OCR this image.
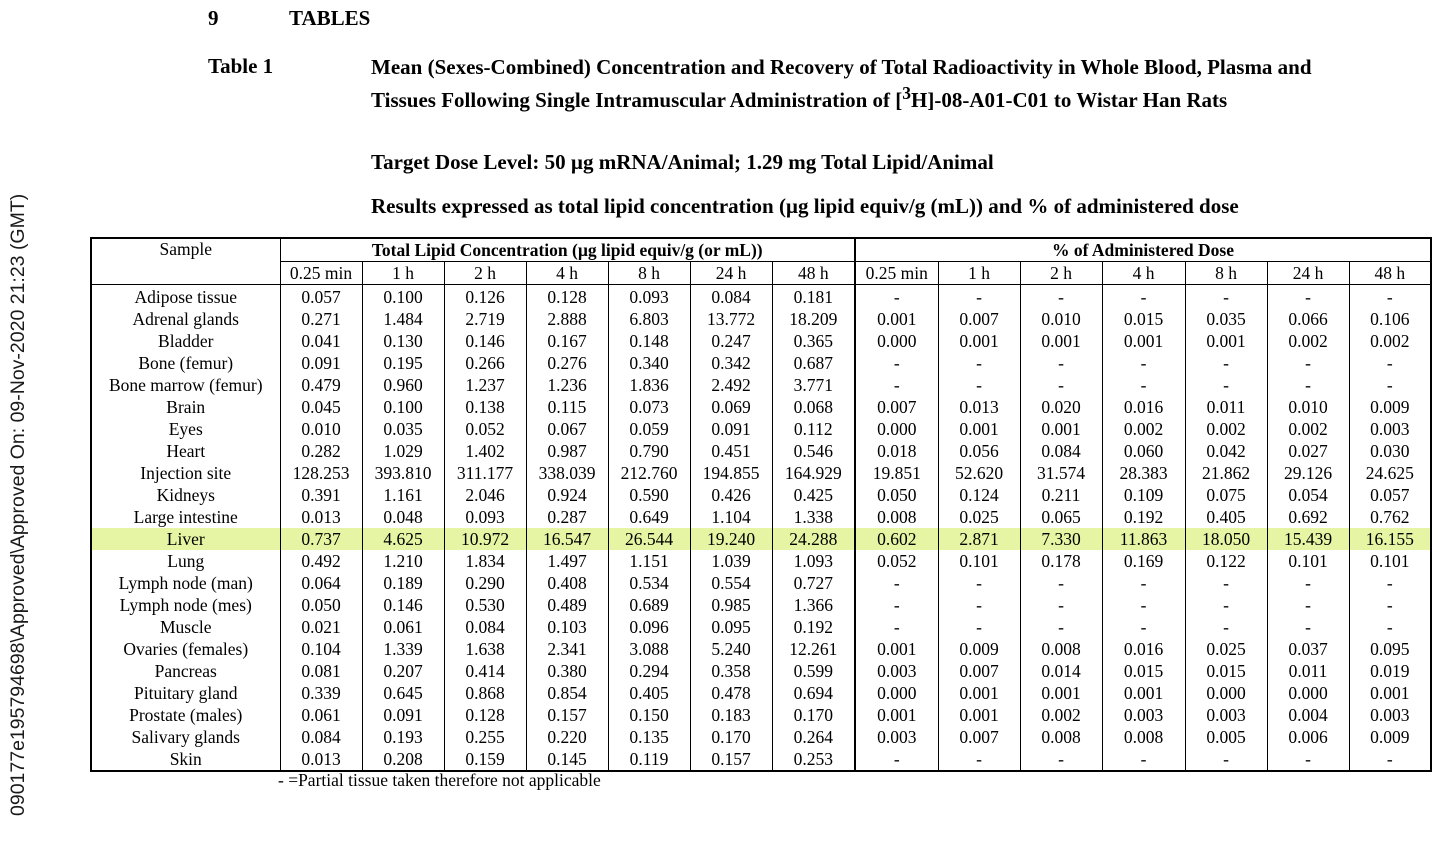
090177e195794698\Approved\Approved On: 09-Nov-2020 21:23 (GMT)
9	TABLES
Table 1	Mean (Sexes-Combined) Concentration and Recovery of Total Radioactivity in Whole Blood, Plasma and Tissues Following Single Intramuscular Administration of [$^3$H]-08-A01-C01 to Wistar Han Rats
Target Dose Level: 50 µg mRNA/Animal; 1.29 mg Total Lipid/Animal
Results expressed as total lipid concentration (µg lipid equiv/g (mL)) and % of administered dose
Sample	Total Lipid Concentration (µg lipid equiv/g (or mL))							% of Administered Dose						
	0.25 min	1 h	2 h	4 h	8 h	24 h	48 h	0.25 min	1 h	2 h	4 h	8 h	24 h	48 h
Adipose tissue	0.057	0.100	0.126	0.128	0.093	0.084	0.181	-	-	-	-	-	-	-
Adrenal glands	0.271	1.484	2.719	2.888	6.803	13.772	18.209	0.001	0.007	0.010	0.015	0.035	0.066	0.106
Bladder	0.041	0.130	0.146	0.167	0.148	0.247	0.365	0.000	0.001	0.001	0.001	0.001	0.002	0.002
Bone (femur)	0.091	0.195	0.266	0.276	0.340	0.342	0.687	-	-	-	-	-	-	-
Bone marrow (femur)	0.479	0.960	1.237	1.236	1.836	2.492	3.771	-	-	-	-	-	-	-
Brain	0.045	0.100	0.138	0.115	0.073	0.069	0.068	0.007	0.013	0.020	0.016	0.011	0.010	0.009
Eyes	0.010	0.035	0.052	0.067	0.059	0.091	0.112	0.000	0.001	0.001	0.002	0.002	0.002	0.003
Heart	0.282	1.029	1.402	0.987	0.790	0.451	0.546	0.018	0.056	0.084	0.060	0.042	0.027	0.030
Injection site	128.253	393.810	311.177	338.039	212.760	194.855	164.929	19.851	52.620	31.574	28.383	21.862	29.126	24.625
Kidneys	0.391	1.161	2.046	0.924	0.590	0.426	0.425	0.050	0.124	0.211	0.109	0.075	0.054	0.057
Large intestine	0.013	0.048	0.093	0.287	0.649	1.104	1.338	0.008	0.025	0.065	0.192	0.405	0.692	0.762
Liver	0.737	4.625	10.972	16.547	26.544	19.240	24.288	0.602	2.871	7.330	11.863	18.050	15.439	16.155
Lung	0.492	1.210	1.834	1.497	1.151	1.039	1.093	0.052	0.101	0.178	0.169	0.122	0.101	0.101
Lymph node (man)	0.064	0.189	0.290	0.408	0.534	0.554	0.727	-	-	-	-	-	-	-
Lymph node (mes)	0.050	0.146	0.530	0.489	0.689	0.985	1.366	-	-	-	-	-	-	-
Muscle	0.021	0.061	0.084	0.103	0.096	0.095	0.192	-	-	-	-	-	-	-
Ovaries (females)	0.104	1.339	1.638	2.341	3.088	5.240	12.261	0.001	0.009	0.008	0.016	0.025	0.037	0.095
Pancreas	0.081	0.207	0.414	0.380	0.294	0.358	0.599	0.003	0.007	0.014	0.015	0.015	0.011	0.019
Pituitary gland	0.339	0.645	0.868	0.854	0.405	0.478	0.694	0.000	0.001	0.001	0.001	0.000	0.000	0.001
Prostate (males)	0.061	0.091	0.128	0.157	0.150	0.183	0.170	0.001	0.001	0.002	0.003	0.003	0.004	0.003
Salivary glands	0.084	0.193	0.255	0.220	0.135	0.170	0.264	0.003	0.007	0.008	0.008	0.005	0.006	0.009
Skin	0.013	0.208	0.159	0.145	0.119	0.157	0.253	-	-	-	-	-	-	-
- =Partial tissue taken therefore not applicable
